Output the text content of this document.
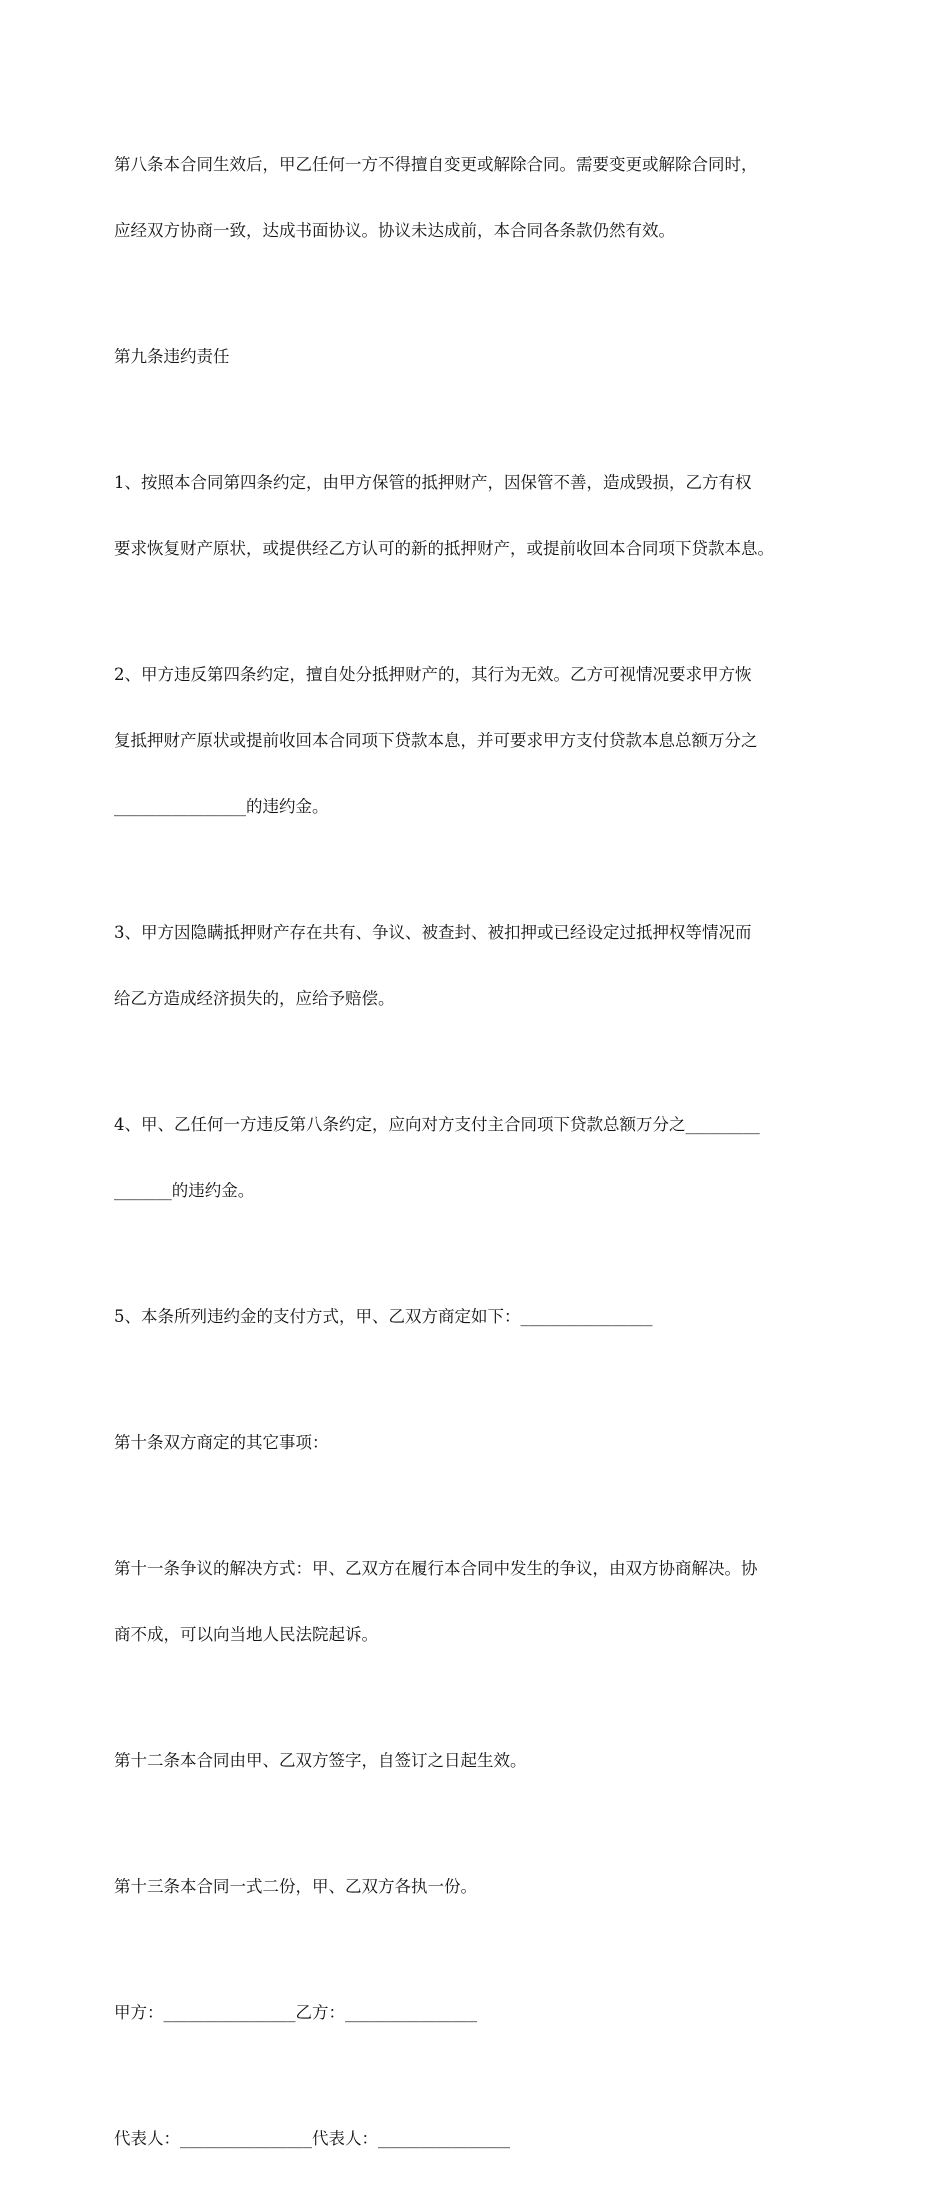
第八条本合同生效后，甲乙任何一方不得擅自变更或解除合同。需要变更或解除合同时，

应经双方协商一致，达成书面协议。协议未达成前，本合同各条款仍然有效。

第九条违约责任

1、按照本合同第四条约定，由甲方保管的抵押财产，因保管不善，造成毁损，乙方有权

要求恢复财产原状，或提供经乙方认可的新的抵押财产，或提前收回本合同项下贷款本息。

2、甲方违反第四条约定，擅自处分抵押财产的，其行为无效。乙方可视情况要求甲方恢

复抵押财产原状或提前收回本合同项下贷款本息，并可要求甲方支付贷款本息总额万分之

________________的违约金。

3、甲方因隐瞒抵押财产存在共有、争议、被查封、被扣押或已经设定过抵押权等情况而

给乙方造成经济损失的，应给予赔偿。

4、甲、乙任何一方违反第八条约定，应向对方支付主合同项下贷款总额万分之_________

_______的违约金。

5、本条所列违约金的支付方式，甲、乙双方商定如下：________________

第十条双方商定的其它事项：

第十一条争议的解决方式：甲、乙双方在履行本合同中发生的争议，由双方协商解决。协

商不成，可以向当地人民法院起诉。

第十二条本合同由甲、乙双方签字，自签订之日起生效。

第十三条本合同一式二份，甲、乙双方各执一份。

甲方：________________乙方：________________

代表人：________________代表人：________________
